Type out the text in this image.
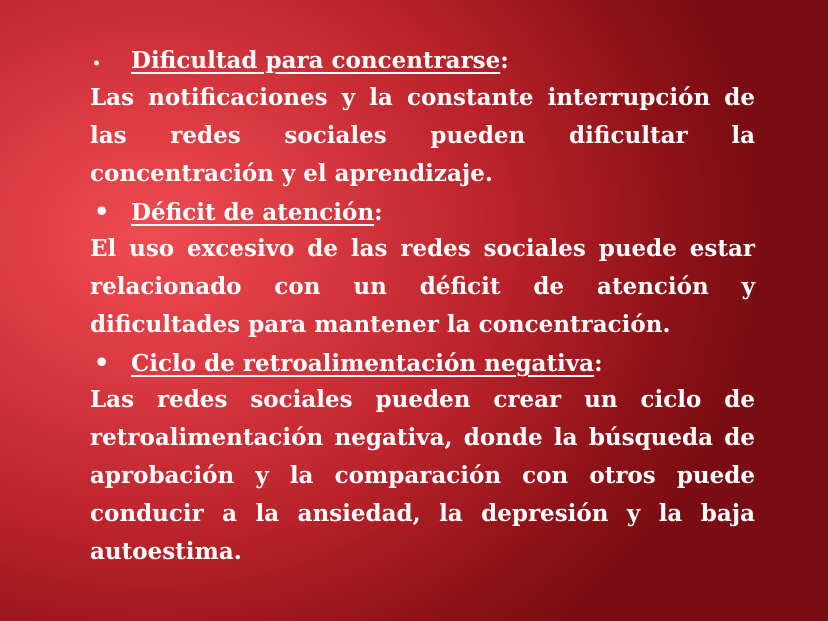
•	Dificultad para concentrarse :

Las notificaciones y la constante interrupción de las redes sociales pueden dificultar la concentración y el aprendizaje.

• Déficit de atención :

El uso excesivo de las redes sociales puede estar relacionado con un déficit de atención y dificultades para mantener la concentración.

• Ciclo de retroalimentación negativa :

Las redes sociales pueden crear un ciclo de retroalimentación negativa, donde la búsqueda de aprobación y la comparación con otros puede conducir a la ansiedad, la depresión y la baja autoestima.
